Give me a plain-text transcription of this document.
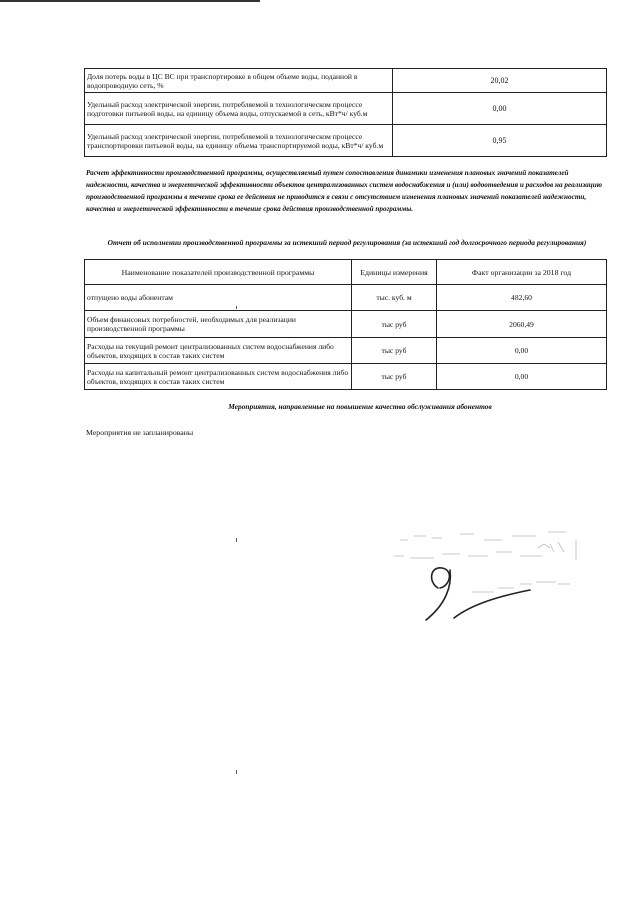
Доля потерь воды в ЦС ВС при транспортировке в общем объеме воды, поданной в водопроводную сеть, %	20,02
Удельный расход электрической энергии, потребляемой в технологическом процессе подготовки питьевой воды, на единицу объема воды, отпускаемой в сеть, кВт*ч/ куб.м	0,00
Удельный расход электрической энергии, потребляемой в технологическом процессе транспортировки питьевой воды, на единицу объема транспортируемой воды, кВт*ч/ куб.м	0,95
Расчет эффективности производственной программы, осуществляемый путем сопоставления динамики изменения плановых значений показателей надежности, качества и энергетической эффективности объектов централизованных систем водоснабжения и (или) водоотведения и расходов на реализацию производственной программы в течение срока ее действия не приводится в связи с отсутствием изменения плановых значений показателей надежности, качества и энергетической эффективности в течение срока действия производственной программы.
Отчет об исполнении производственной программы за истекший период регулирования (за истекший год долгосрочного периода регулирования)
Наименование показателей производственной программы	Единицы измерения	Факт организации за 2018 год
отпущено воды абонентам	тыс. куб. м	482,60
Объем финансовых потребностей, необходимых для реализации производственной программы	тыс руб	2060,49
Расходы на текущий ремонт централизованных систем водоснабжения либо объектов, входящих в состав таких систем	тыс руб	0,00
Расходы на капитальный ремонт централизованных систем водоснабжения либо объектов, входящих в состав таких систем	тыс руб	0,00
Мероприятия, направленные на повышение качества обслуживания абонентов
Мероприятия не запланированы
